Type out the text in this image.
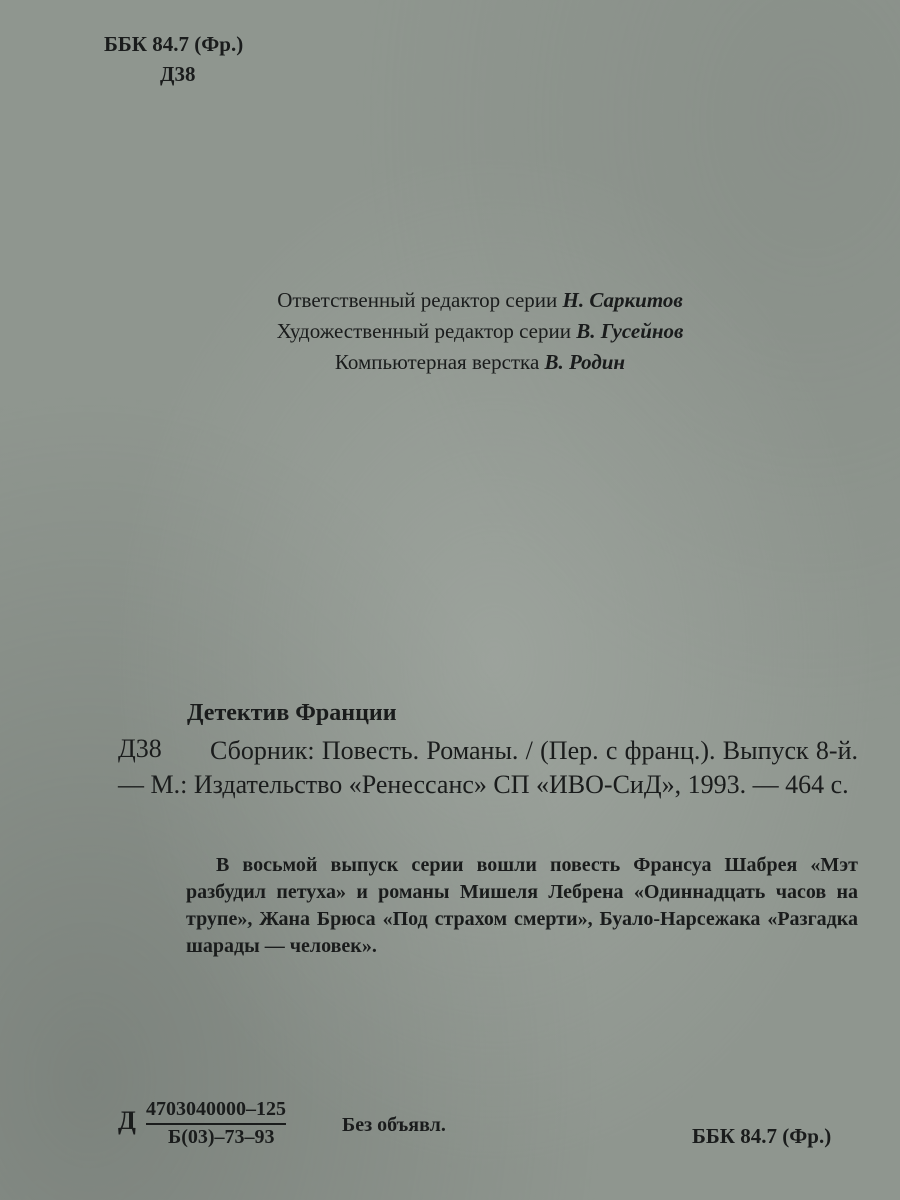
ББК 84.7 (Фр.)
Д38
Ответственный редактор серии Н. Саркитов
Художественный редактор серии В. Гусейнов
Компьютерная верстка В. Родин
Детектив Франции
Д38	Сборник: Повесть. Романы. / (Пер. с франц.). Выпуск 8-й. — М.: Издательство «Ренессанс» СП «ИВО-СиД», 1993. — 464 с.
В восьмой выпуск серии вошли повесть Франсуа Шабрея «Мэт разбудил петуха» и романы Мишеля Лебрена «Одиннадцать часов на трупе», Жана Брюса «Под страхом смерти», Буало-Нарсежака «Разгадка шарады — человек».
Д 4703040000–125
Б(03)–73–93
Без объявл.	ББК 84.7 (Фр.)
